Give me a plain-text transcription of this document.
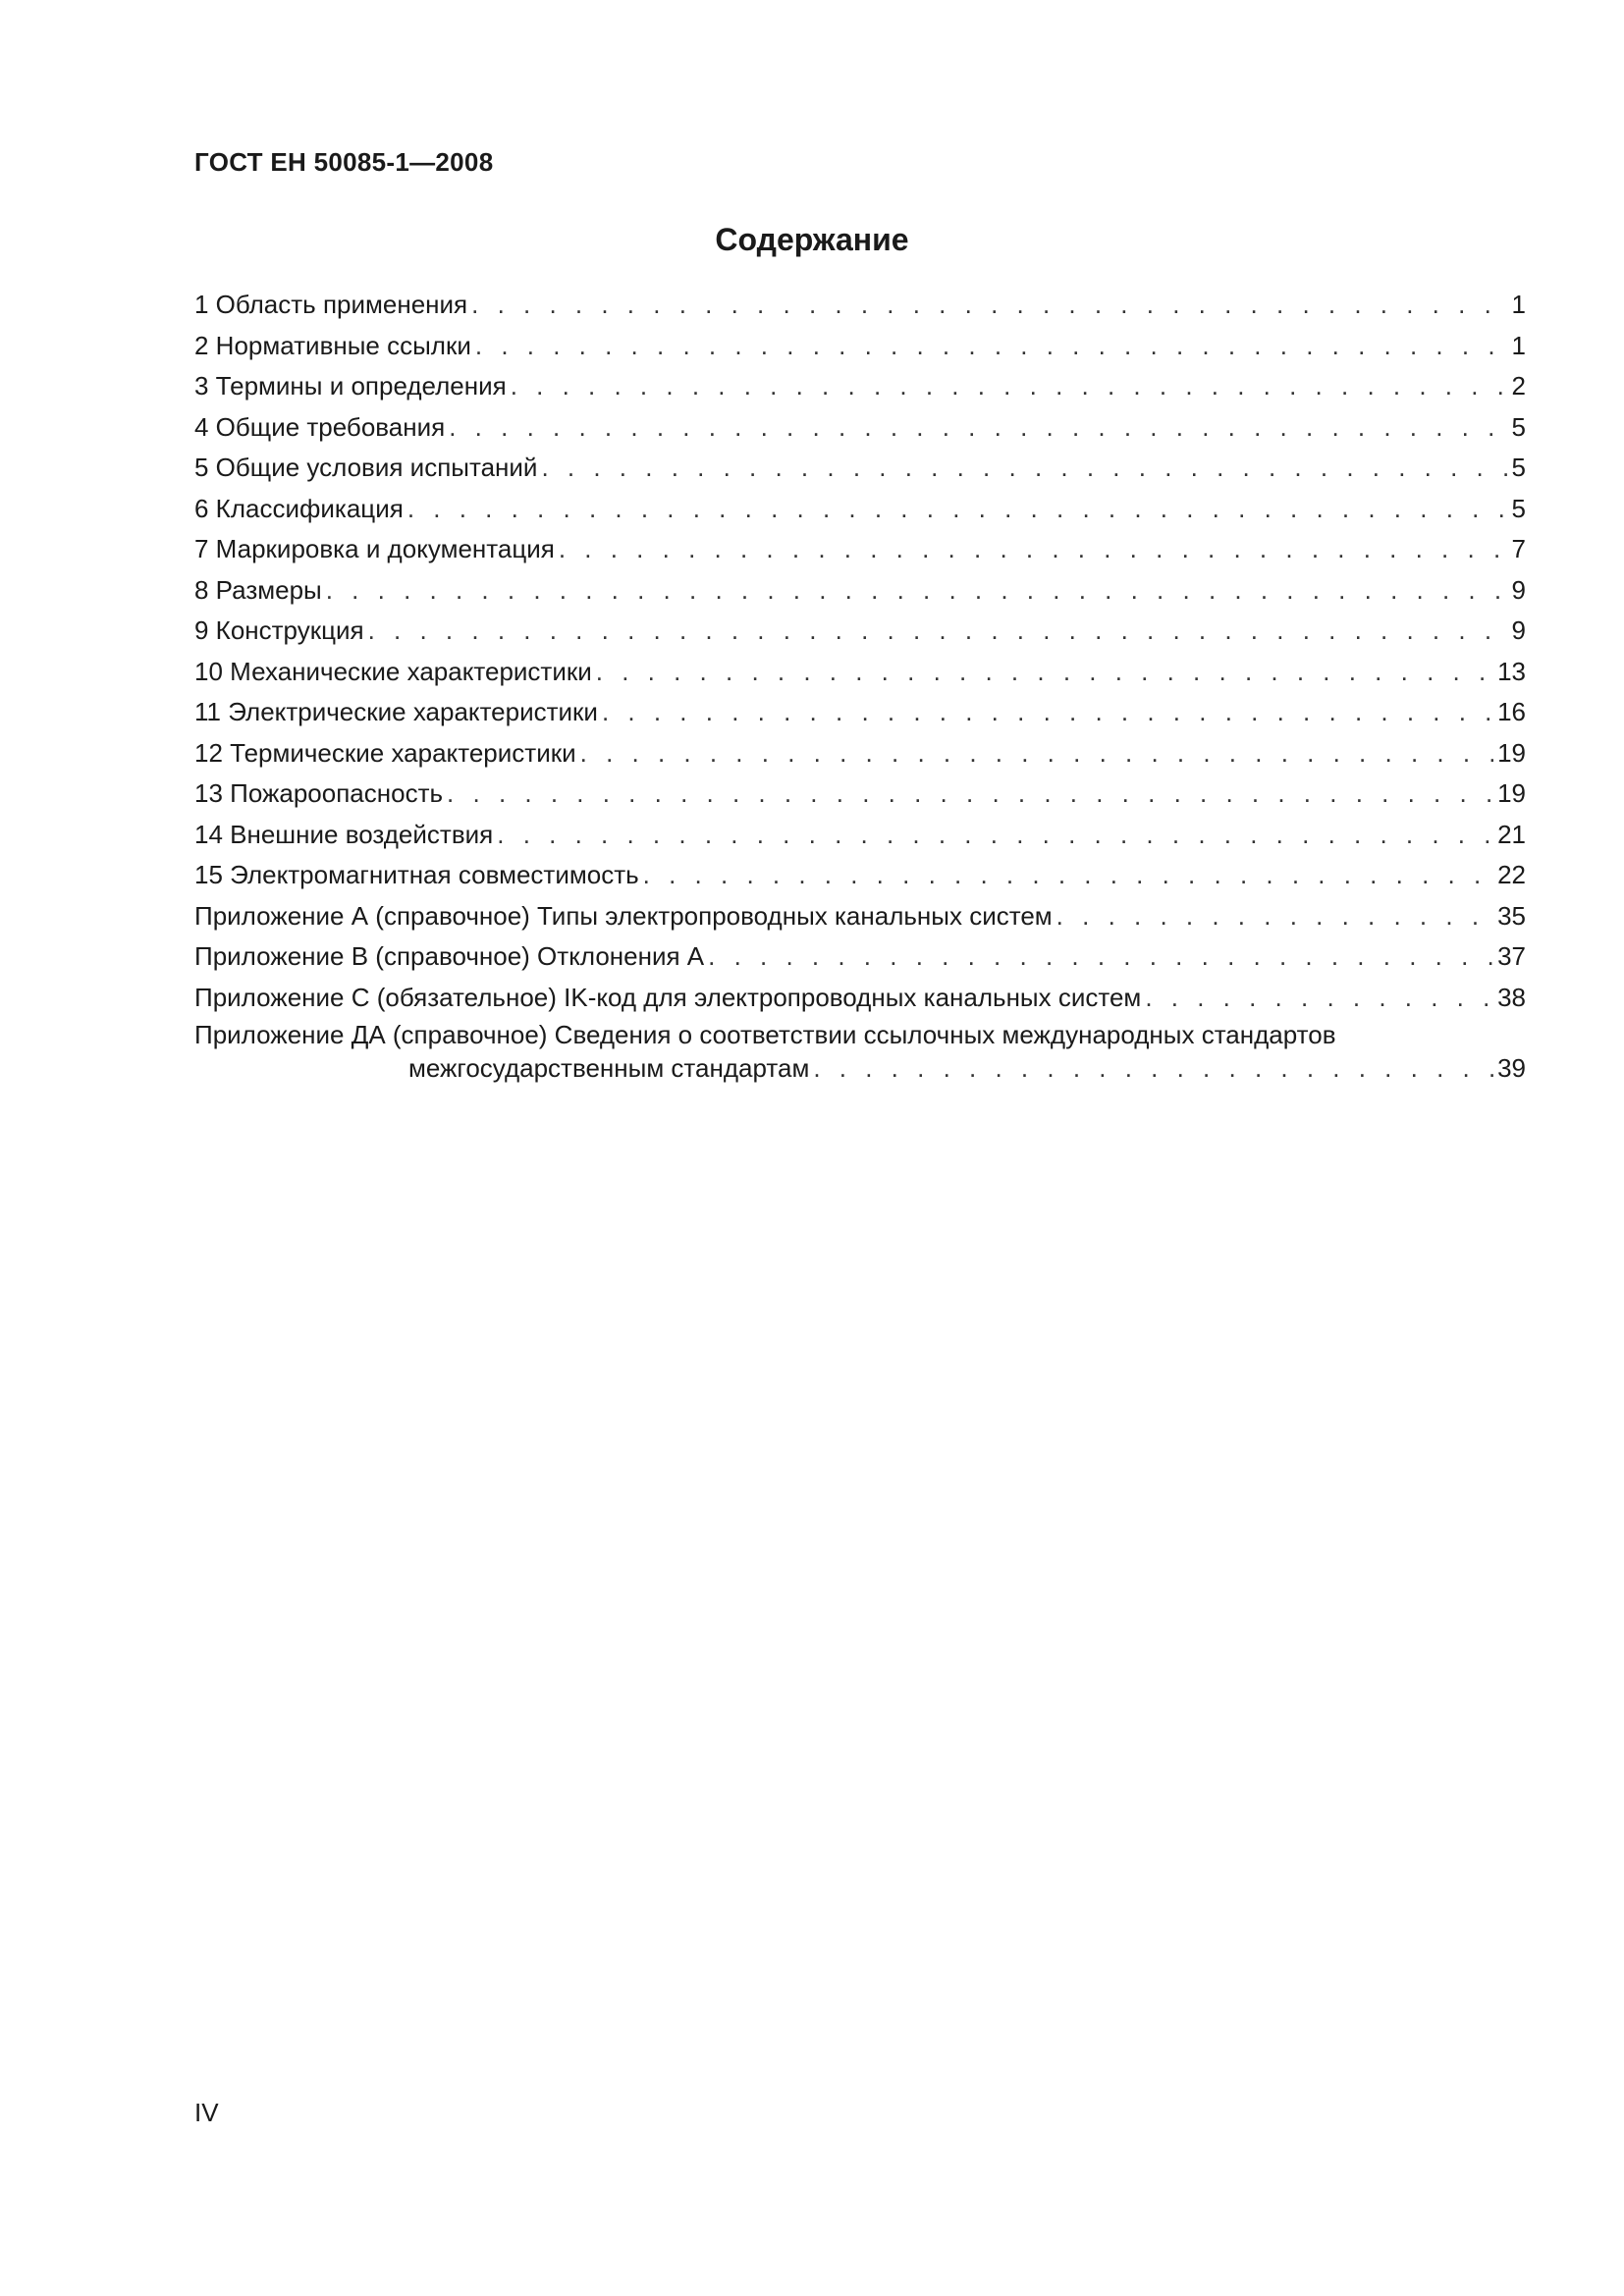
ГОСТ ЕН 50085-1—2008
Содержание
1 Область применения . . .	1
2 Нормативные ссылки . . .	1
3 Термины и определения . . .	2
4 Общие требования . . .	5
5 Общие условия испытаний . . .	5
6 Классификация . . .	5
7 Маркировка и документация . . .	7
8 Размеры . . .	9
9 Конструкция . . .	9
10 Механические характеристики . . .	13
11 Электрические характеристики . . .	16
12 Термические характеристики . . .	19
13 Пожароопасность . . .	19
14 Внешние воздействия . . .	21
15 Электромагнитная совместимость . . .	22
Приложение А (справочное) Типы электропроводных канальных систем . . .	35
Приложение В (справочное) Отклонения А . . .	37
Приложение С (обязательное) IK-код для электропроводных канальных систем . . .	38
Приложение ДА (справочное) Сведения о соответствии ссылочных международных стандартов
межгосударственным стандартам . . .	39
IV
